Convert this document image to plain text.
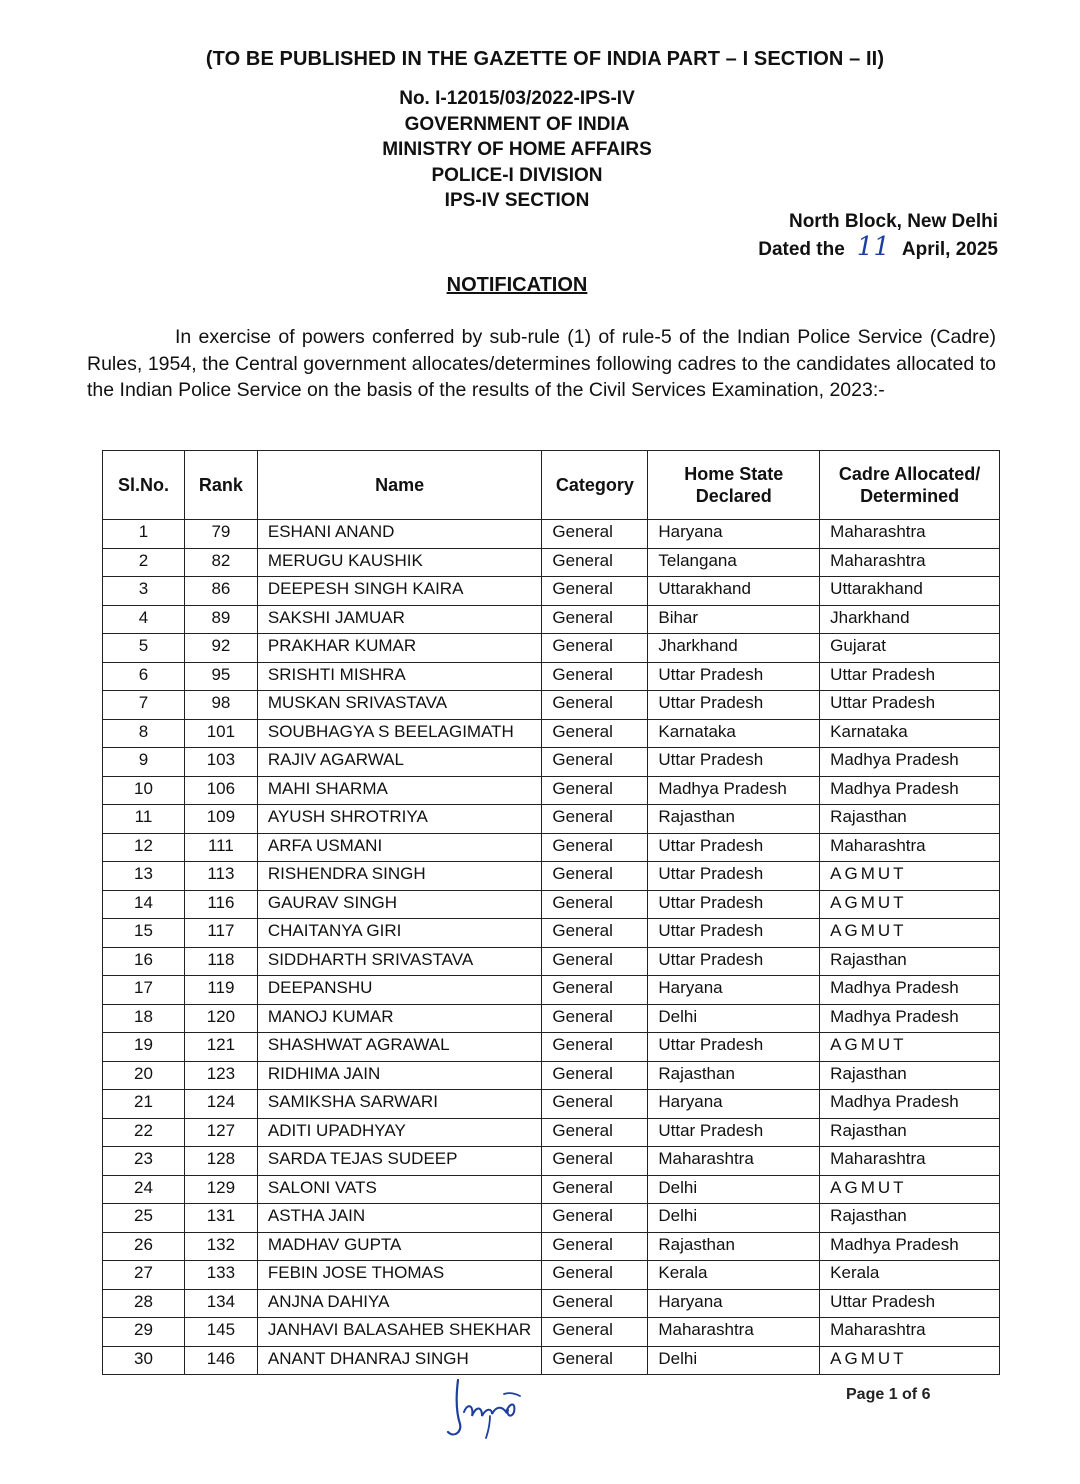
(TO BE PUBLISHED IN THE GAZETTE OF INDIA PART – I SECTION – II)
No. I-12015/03/2022-IPS-IV
GOVERNMENT OF INDIA
MINISTRY OF HOME AFFAIRS
POLICE-I DIVISION
IPS-IV SECTION
North Block, New Delhi
Dated the 11 April, 2025
NOTIFICATION
In exercise of powers conferred by sub-rule (1) of rule-5 of the Indian Police Service (Cadre) Rules, 1954, the Central government allocates/determines following cadres to the candidates allocated to the Indian Police Service on the basis of the results of the Civil Services Examination, 2023:-
Sl.No.	Rank	Name	Category	Home State Declared	Cadre Allocated/ Determined
1	79	ESHANI ANAND	General	Haryana	Maharashtra
2	82	MERUGU KAUSHIK	General	Telangana	Maharashtra
3	86	DEEPESH SINGH KAIRA	General	Uttarakhand	Uttarakhand
4	89	SAKSHI JAMUAR	General	Bihar	Jharkhand
5	92	PRAKHAR KUMAR	General	Jharkhand	Gujarat
6	95	SRISHTI MISHRA	General	Uttar Pradesh	Uttar Pradesh
7	98	MUSKAN SRIVASTAVA	General	Uttar Pradesh	Uttar Pradesh
8	101	SOUBHAGYA S BEELAGIMATH	General	Karnataka	Karnataka
9	103	RAJIV AGARWAL	General	Uttar Pradesh	Madhya Pradesh
10	106	MAHI SHARMA	General	Madhya Pradesh	Madhya Pradesh
11	109	AYUSH SHROTRIYA	General	Rajasthan	Rajasthan
12	111	ARFA USMANI	General	Uttar Pradesh	Maharashtra
13	113	RISHENDRA SINGH	General	Uttar Pradesh	AGMUT
14	116	GAURAV SINGH	General	Uttar Pradesh	AGMUT
15	117	CHAITANYA GIRI	General	Uttar Pradesh	AGMUT
16	118	SIDDHARTH SRIVASTAVA	General	Uttar Pradesh	Rajasthan
17	119	DEEPANSHU	General	Haryana	Madhya Pradesh
18	120	MANOJ KUMAR	General	Delhi	Madhya Pradesh
19	121	SHASHWAT AGRAWAL	General	Uttar Pradesh	AGMUT
20	123	RIDHIMA JAIN	General	Rajasthan	Rajasthan
21	124	SAMIKSHA SARWARI	General	Haryana	Madhya Pradesh
22	127	ADITI UPADHYAY	General	Uttar Pradesh	Rajasthan
23	128	SARDA TEJAS SUDEEP	General	Maharashtra	Maharashtra
24	129	SALONI VATS	General	Delhi	AGMUT
25	131	ASTHA JAIN	General	Delhi	Rajasthan
26	132	MADHAV GUPTA	General	Rajasthan	Madhya Pradesh
27	133	FEBIN JOSE THOMAS	General	Kerala	Kerala
28	134	ANJNA DAHIYA	General	Haryana	Uttar Pradesh
29	145	JANHAVI BALASAHEB SHEKHAR	General	Maharashtra	Maharashtra
30	146	ANANT DHANRAJ SINGH	General	Delhi	AGMUT
Page 1 of 6
